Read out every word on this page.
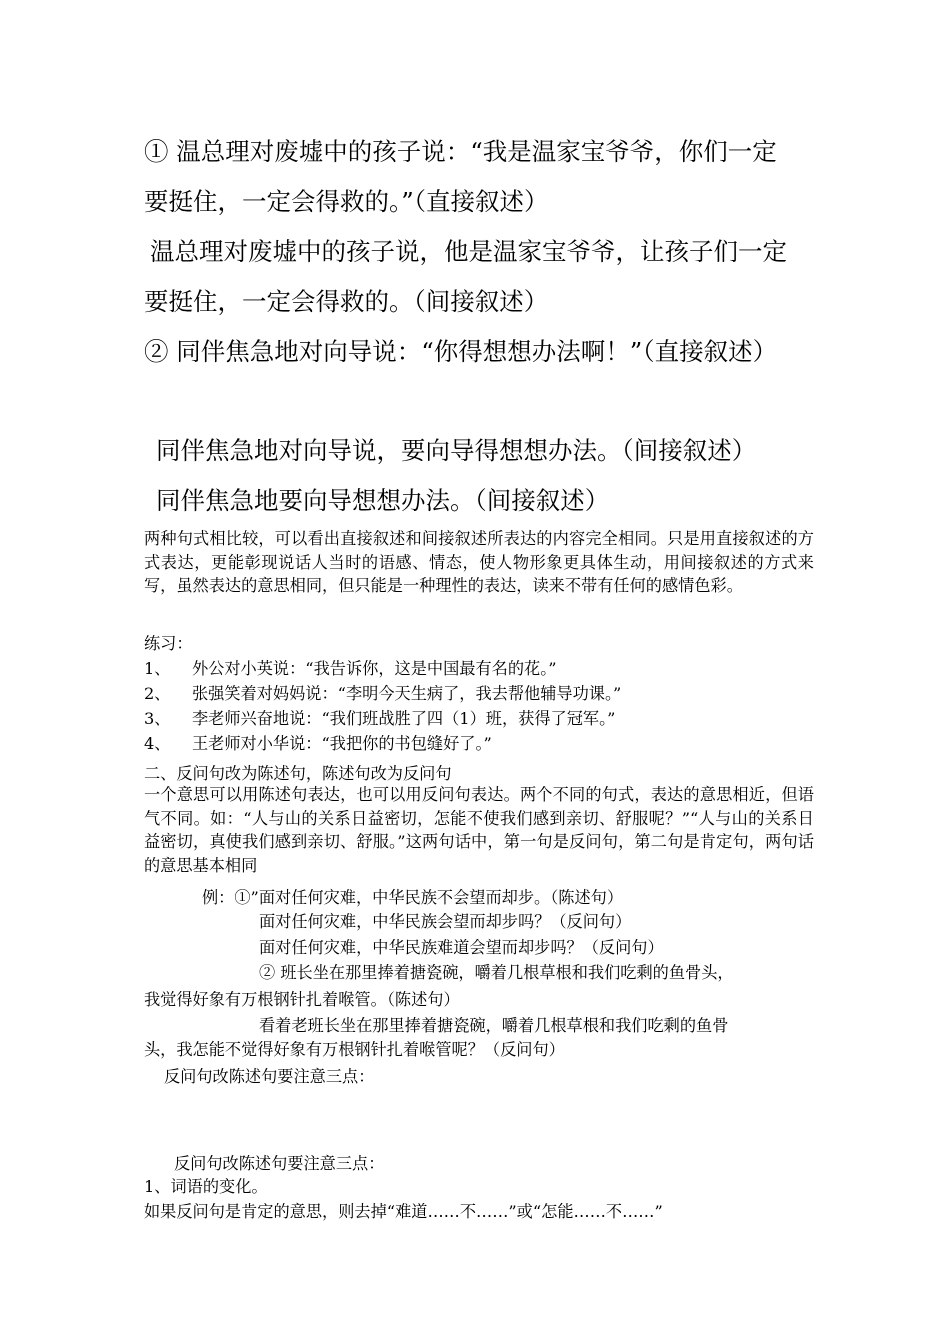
① 温总理对废墟中的孩子说：“我是温家宝爷爷，你们一定
要挺住，一定会得救的。”（直接叙述）
温总理对废墟中的孩子说，他是温家宝爷爷，让孩子们一定
要挺住，一定会得救的。（间接叙述）
② 同伴焦急地对向导说：“你得想想办法啊！”（直接叙述）
同伴焦急地对向导说，要向导得想想办法。（间接叙述）
同伴焦急地要向导想想办法。（间接叙述）
两种句式相比较，可以看出直接叙述和间接叙述所表达的内容完全相同。只是用直接叙述的方式表达，更能彰现说话人当时的语感、情态，使人物形象更具体生动，用间接叙述的方式来写，虽然表达的意思相同，但只能是一种理性的表达，读来不带有任何的感情色彩。
练习：
1、 外公对小英说：“我告诉你，这是中国最有名的花。”
2、 张强笑着对妈妈说：“李明今天生病了，我去帮他辅导功课。”
3、 李老师兴奋地说：“我们班战胜了四（1）班，获得了冠军。”
4、 王老师对小华说：“我把你的书包缝好了。”
二、反问句改为陈述句，陈述句改为反问句
一个意思可以用陈述句表达，也可以用反问句表达。两个不同的句式，表达的意思相近，但语气不同。如：“人与山的关系日益密切，怎能不使我们感到亲切、舒服呢？”“人与山的关系日益密切，真使我们感到亲切、舒服。”这两句话中，第一句是反问句，第二句是肯定句，两句话的意思基本相同
例：①”面对任何灾难，中华民族不会望而却步。（陈述句）
面对任何灾难，中华民族会望而却步吗？（反问句）
面对任何灾难，中华民族难道会望而却步吗？（反问句）
② 班长坐在那里捧着搪瓷碗，嚼着几根草根和我们吃剩的鱼骨头，
我觉得好象有万根钢针扎着喉管。（陈述句）
看着老班长坐在那里捧着搪瓷碗，嚼着几根草根和我们吃剩的鱼骨
头，我怎能不觉得好象有万根钢针扎着喉管呢？（反问句）
反问句改陈述句要注意三点：
反问句改陈述句要注意三点：
1、词语的变化。
如果反问句是肯定的意思，则去掉“难道……不……”或“怎能……不……”
